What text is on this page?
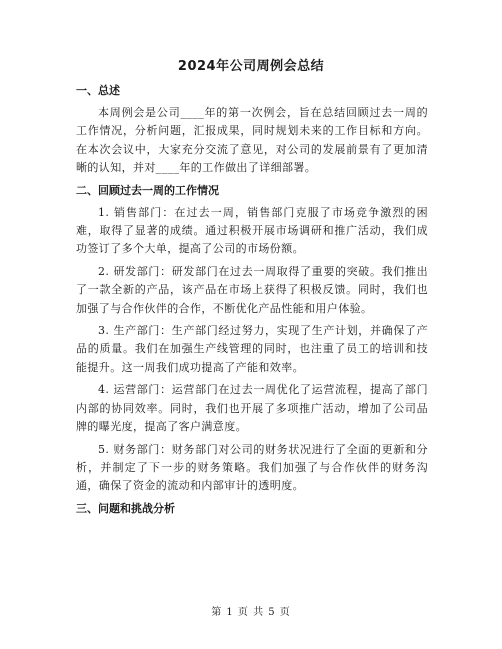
2024年公司周例会总结
一、总述

本周例会是公司____年的第一次例会，旨在总结回顾过去一周的工作情况，分析问题，汇报成果，同时规划未来的工作目标和方向。在本次会议中，大家充分交流了意见，对公司的发展前景有了更加清晰的认知，并对____年的工作做出了详细部署。

二、回顾过去一周的工作情况

1. 销售部门：在过去一周，销售部门克服了市场竞争激烈的困难，取得了显著的成绩。通过积极开展市场调研和推广活动，我们成功签订了多个大单，提高了公司的市场份额。

2. 研发部门：研发部门在过去一周取得了重要的突破。我们推出了一款全新的产品，该产品在市场上获得了积极反馈。同时，我们也加强了与合作伙伴的合作，不断优化产品性能和用户体验。

3. 生产部门：生产部门经过努力，实现了生产计划，并确保了产品的质量。我们在加强生产线管理的同时，也注重了员工的培训和技能提升。这一周我们成功提高了产能和效率。

4. 运营部门：运营部门在过去一周优化了运营流程，提高了部门内部的协同效率。同时，我们也开展了多项推广活动，增加了公司品牌的曝光度，提高了客户满意度。

5. 财务部门：财务部门对公司的财务状况进行了全面的更新和分析，并制定了下一步的财务策略。我们加强了与合作伙伴的财务沟通，确保了资金的流动和内部审计的透明度。

三、问题和挑战分析
第 1 页 共 5 页
